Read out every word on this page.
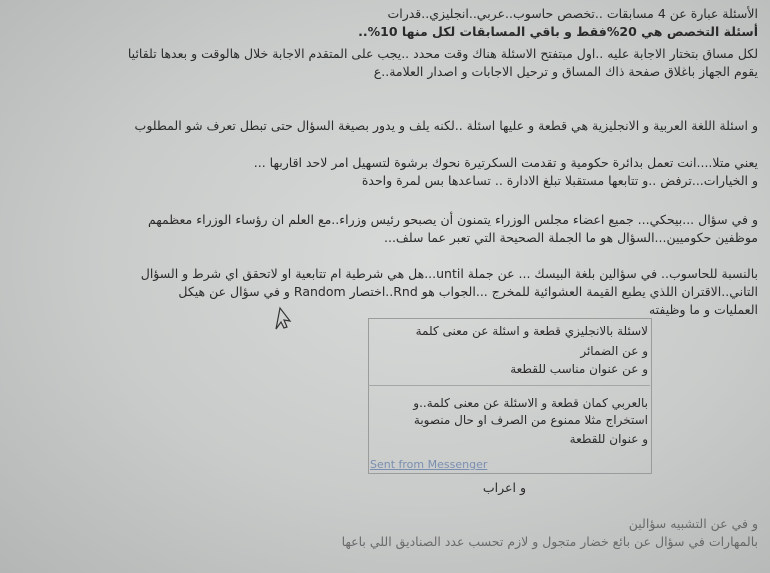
الأسئلة عبارة عن 4 مسابقات ..تخصص حاسوب..عربي..انجليزي..قدرات
أسئلة التخصص هي 20%فقط و باقي المسابقات لكل منها 10%..
لكل مساق بتختار الاجابة عليه ..اول مبتفتح الاسئلة هناك وقت محدد ..يجب على المتقدم الاجابة خلال هالوقت و بعدها تلقائيا
يقوم الجهاز باغلاق صفحة ذاك المساق و ترحيل الاجابات و اصدار العلامة..ع
و اسئلة اللغة العربية و الانجليزية هي قطعة و عليها اسئلة ..لكنه يلف و يدور بصيغة السؤال حتى تبطل تعرف شو المطلوب
يعني متلا....انت تعمل بدائرة حكومية و تقدمت السكرتيرة نحوك برشوة لتسهيل امر لاحد اقاربها ...
و الخيارات...ترفض ..و تتابعها مستقبلا تبلغ الادارة .. تساعدها بس لمرة واحدة
و في سؤال ...بيحكي... جميع اعضاء مجلس الوزراء يتمنون أن يصبحو رئيس وزراء..مع العلم ان رؤساء الوزراء معظمهم
موظفين حكوميين...السؤال هو ما الجملة الصحيحة التي تعبر عما سلف...
بالنسبة للحاسوب.. في سؤالين بلغة البيسك ... عن جملة until...هل هي شرطية ام تتابعية او لاتحقق اي شرط و السؤال
التاني..الاقتران اللذي يطبع القيمة العشوائية للمخرج ...الجواب هو Rnd..اختصار Random و في سؤال عن هيكل
العمليات و ما وظيفته
لاسئلة بالانجليزي قطعة و اسئلة عن معنى كلمة
و عن الضمائر
و عن عنوان مناسب للقطعة
بالعربي كمان قطعة و الاسئلة عن معنى كلمة..و
استخراج مثلا ممنوع من الصرف او حال منصوبة
و عنوان للقطعة
Sent from Messenger
و اعراب
و في عن التشبيه سؤالين
بالمهارات في سؤال عن بائع خضار متجول و لازم تحسب عدد الصناديق اللي باعها
